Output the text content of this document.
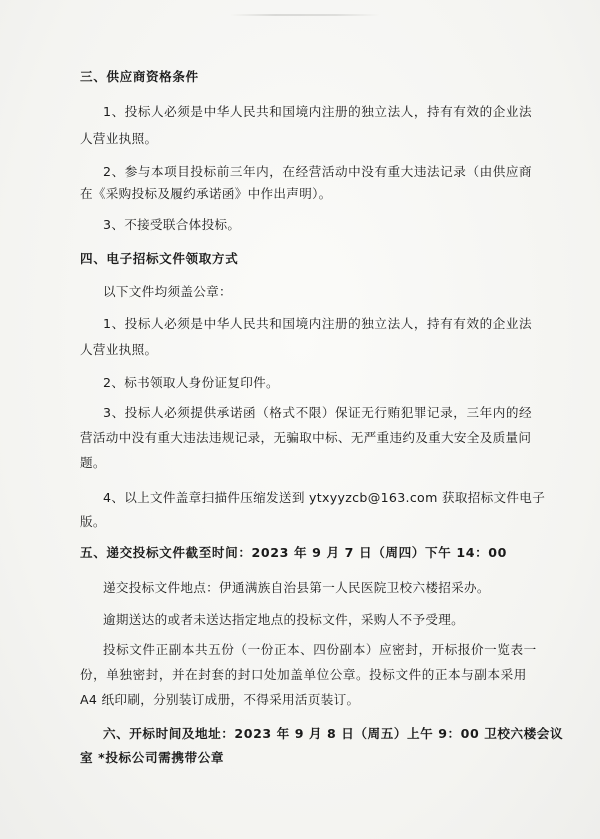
三、供应商资格条件
1、投标人必须是中华人民共和国境内注册的独立法人，持有有效的企业法
人营业执照。
2、参与本项目投标前三年内，在经营活动中没有重大违法记录（由供应商
在《采购投标及履约承诺函》中作出声明）。
3、不接受联合体投标。
四、电子招标文件领取方式
以下文件均须盖公章：
1、投标人必须是中华人民共和国境内注册的独立法人，持有有效的企业法
人营业执照。
2、标书领取人身份证复印件。
3、投标人必须提供承诺函（格式不限）保证无行贿犯罪记录，三年内的经
营活动中没有重大违法违规记录，无骗取中标、无严重违约及重大安全及质量问
题。
4、以上文件盖章扫描件压缩发送到 ytxyyzcb@163.com 获取招标文件电子
版。
五、递交投标文件截至时间：2023 年 9 月 7 日（周四）下午 14：00
递交投标文件地点：伊通满族自治县第一人民医院卫校六楼招采办。
逾期送达的或者未送达指定地点的投标文件，采购人不予受理。
投标文件正副本共五份（一份正本、四份副本）应密封，开标报价一览表一
份，单独密封，并在封套的封口处加盖单位公章。投标文件的正本与副本采用
A4 纸印刷，分别装订成册，不得采用活页装订。
六、开标时间及地址：2023 年 9 月 8 日（周五）上午 9：00 卫校六楼会议
室 *投标公司需携带公章
